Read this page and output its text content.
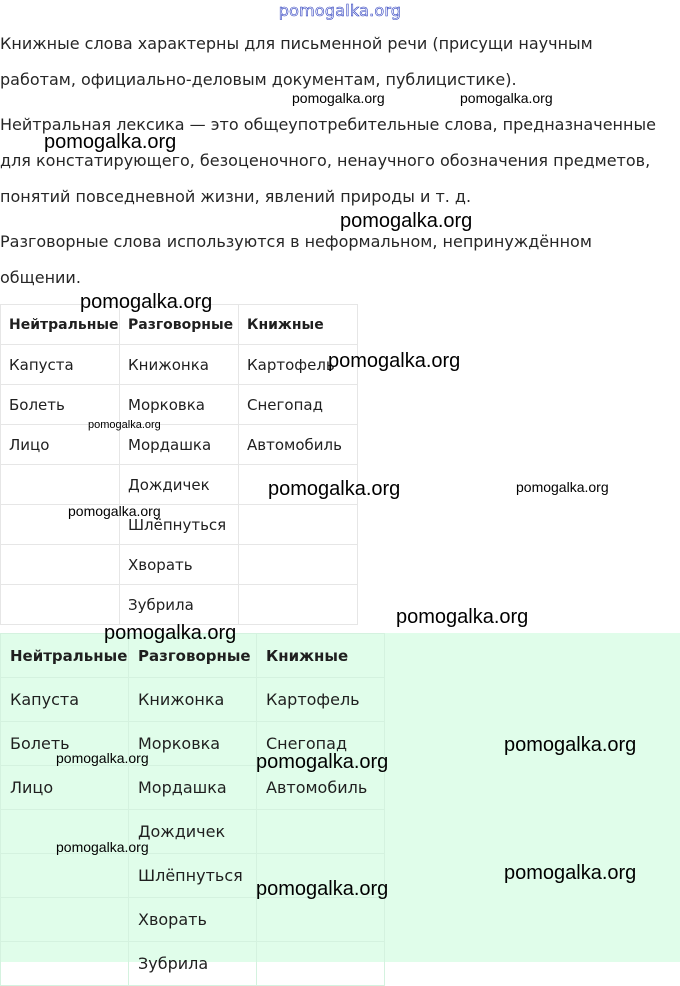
pomogalka.org

Книжные слова характерны для письменной речи (присущи научным работам, официально-деловым документам, публицистике).

Нейтральная лексика — это общеупотребительные слова, предназначенные для констатирующего, безоценочного, ненаучного обозначения предметов, понятий повседневной жизни, явлений природы и т. д.

Разговорные слова используются в неформальном, непринуждённом общении.

Нейтральные	Разговорные	Книжные
Капуста	Книжонка	Картофель
Болеть	Морковка	Снегопад
Лицо	Мордашка	Автомобиль
	Дождичек	
	Шлёпнуться	
	Хворать	
	Зубрила	
Нейтральные	Разговорные	Книжные
Капуста	Книжонка	Картофель
Болеть	Морковка	Снегопад
Лицо	Мордашка	Автомобиль
	Дождичек	
	Шлёпнуться	
	Хворать	
	Зубрила	
pomogalka.org	pomogalka.org
pomogalka.org
pomogalka.org
pomogalka.org
pomogalka.org
pomogalka.org
pomogalka.org	pomogalka.org
pomogalka.org
pomogalka.org
pomogalka.org
pomogalka.org
pomogalka.org	pomogalka.org
pomogalka.org
pomogalka.org
pomogalka.org
